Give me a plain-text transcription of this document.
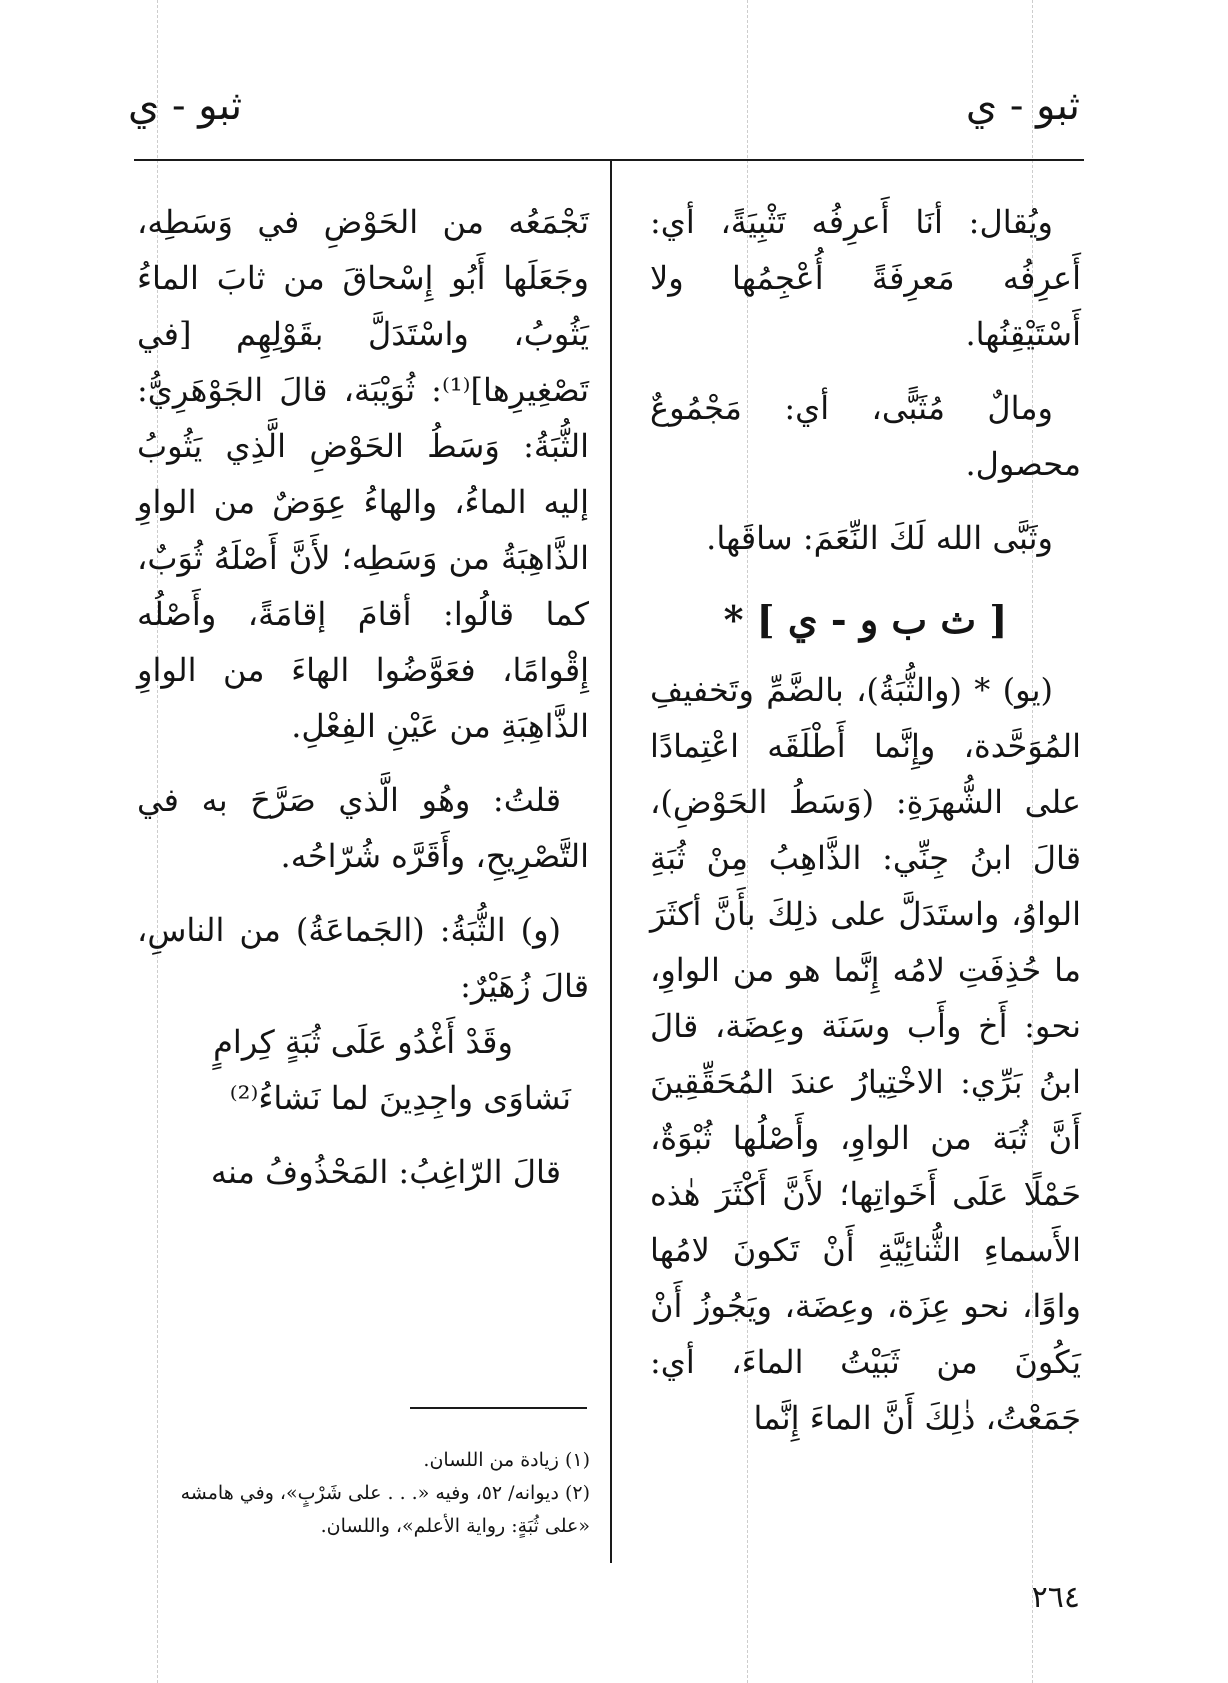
ثبو - ي
ثبو - ي

ويُقال: أنَا أَعرِفُه تَثْبِيَةً، أي: أَعرِفُه مَعرِفَةً أُعْجِمُها ولا أَسْتَيْقِنُها.

ومالٌ مُثَبًّى، أي: مَجْمُوعٌ محصول.

وثَبَّى الله لَكَ النِّعَمَ: ساقَها.

[ ث ب و - ي ] *

(يو) * (والثُّبَةُ)، بالضَّمِّ وتَخفيفِ المُوَحَّدة، وإِنَّما أَطْلَقَه اعْتِمادًا على الشُّهرَةِ: (وَسَطُ الحَوْضِ)، قالَ ابنُ جِنِّي: الذَّاهِبُ مِنْ ثُبَةِ الواوُ، واستَدَلَّ على ذلِكَ بأَنَّ أكثَرَ ما حُذِفَتِ لامُه إِنَّما هو من الواوِ، نحو: أَخ وأَب وسَنَة وعِضَة، قالَ ابنُ بَرِّي: الاخْتِيارُ عندَ المُحَقِّقِينَ أَنَّ ثُبَة من الواوِ، وأَصْلُها ثُبْوَةٌ، حَمْلًا عَلَى أَخَواتِها؛ لأَنَّ أَكْثَرَ هٰذه الأَسماءِ الثُّنائِيَّةِ أَنْ تَكونَ لامُها واوًا، نحو عِزَة، وعِضَة، ويَجُوزُ أَنْ يَكُونَ من ثَبَيْتُ الماءَ، أي: جَمَعْتُ، ذٰلِكَ أَنَّ الماءَ إِنَّما

تَجْمَعُه من الحَوْضِ في وَسَطِه، وجَعَلَها أَبُو إِسْحاقَ من ثابَ الماءُ يَثُوبُ، واسْتَدَلَّ بقَوْلِهِم [في تَصْغِيرِها]⁽¹⁾: ثُوَيْبَة، قالَ الجَوْهَرِيُّ: الثُّبَةُ: وَسَطُ الحَوْضِ الَّذِي يَثُوبُ إليه الماءُ، والهاءُ عِوَضٌ من الواوِ الذَّاهِبَةُ من وَسَطِه؛ لأَنَّ أَصْلَهُ ثُوَبٌ، كما قالُوا: أقامَ إقامَةً، وأَصْلُه إِقْوامًا، فعَوَّضُوا الهاءَ من الواوِ الذَّاهِبَةِ من عَيْنِ الفِعْلِ.

قلتُ: وهُو الَّذي صَرَّحَ به في التَّصْرِيحِ، وأَقَرَّه شُرّاحُه.

(و) الثُّبَةُ: (الجَماعَةُ) من الناسِ، قالَ زُهَيْرٌ:

وقَدْ أَغْدُو عَلَى ثُبَةٍ كِرامٍ

نَشاوَى واجِدِينَ لما نَشاءُ⁽²⁾

قالَ الرّاغِبُ: المَحْذُوفُ منه

(١) زيادة من اللسان.

(٢) ديوانه/ ٥٢، وفيه «. . . على شَرْبٍ»، وفي هامشه «على ثُبَةٍ: رواية الأعلم»، واللسان.

٢٦٤
